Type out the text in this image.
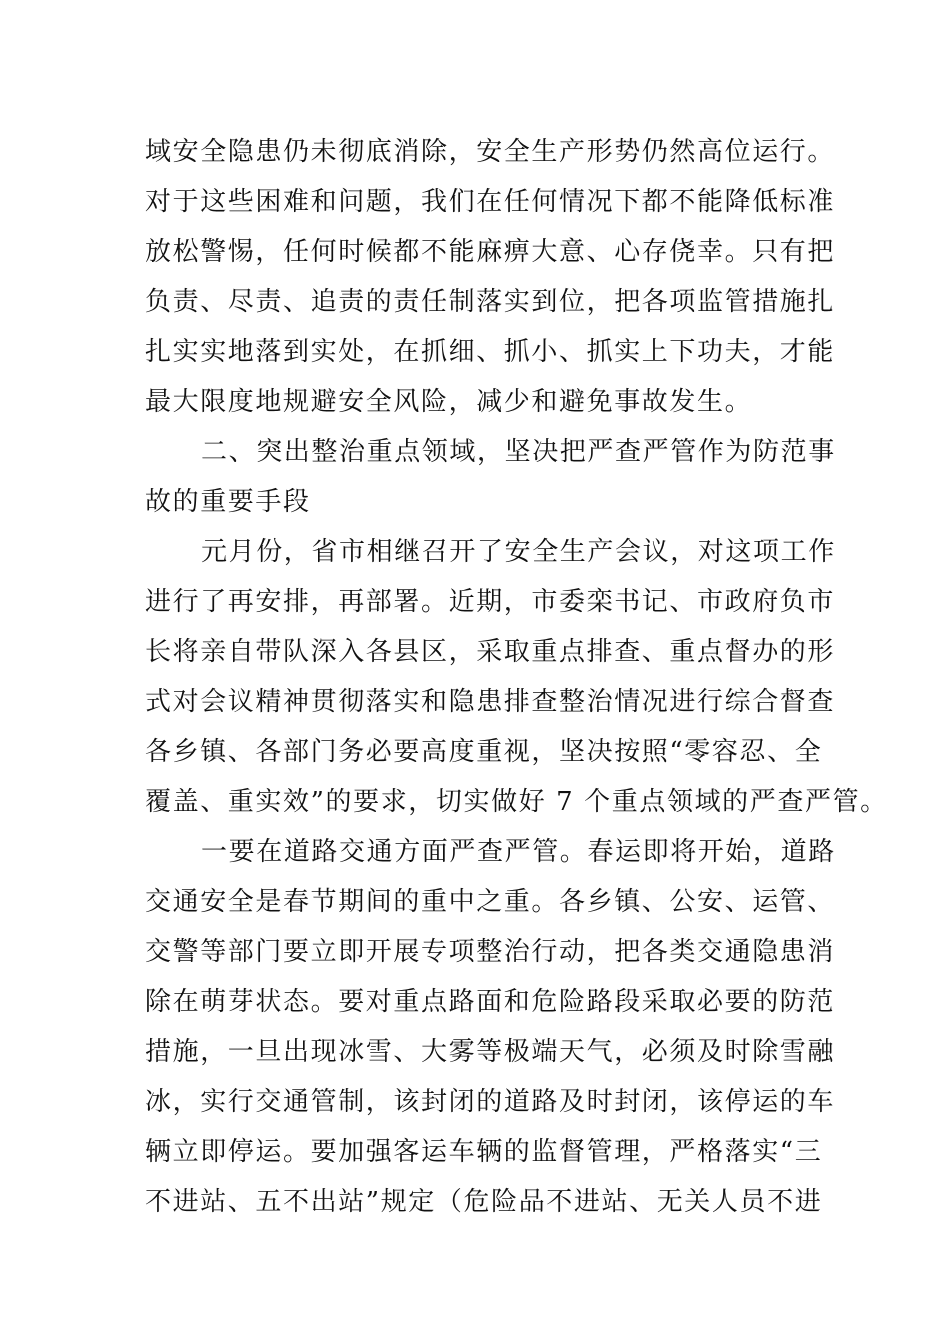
域安全隐患仍未彻底消除，安全生产形势仍然高位运行。
对于这些困难和问题，我们在任何情况下都不能降低标准
放松警惕，任何时候都不能麻痹大意、心存侥幸。只有把
负责、尽责、追责的责任制落实到位，把各项监管措施扎
扎实实地落到实处，在抓细、抓小、抓实上下功夫，才能
最大限度地规避安全风险，减少和避免事故发生。
二、突出整治重点领域，坚决把严查严管作为防范事
故的重要手段
元月份，省市相继召开了安全生产会议，对这项工作
进行了再安排，再部署。近期，市委栾书记、市政府负市
长将亲自带队深入各县区，采取重点排查、重点督办的形
式对会议精神贯彻落实和隐患排查整治情况进行综合督查
各乡镇、各部门务必要高度重视，坚决按照“零容忍、全
覆盖、重实效”的要求，切实做好 7 个重点领域的严查严管。
一要在道路交通方面严查严管。春运即将开始，道路
交通安全是春节期间的重中之重。各乡镇、公安、运管、
交警等部门要立即开展专项整治行动，把各类交通隐患消
除在萌芽状态。要对重点路面和危险路段采取必要的防范
措施，一旦出现冰雪、大雾等极端天气，必须及时除雪融
冰，实行交通管制，该封闭的道路及时封闭，该停运的车
辆立即停运。要加强客运车辆的监督管理，严格落实“三
不进站、五不出站”规定（危险品不进站、无关人员不进
